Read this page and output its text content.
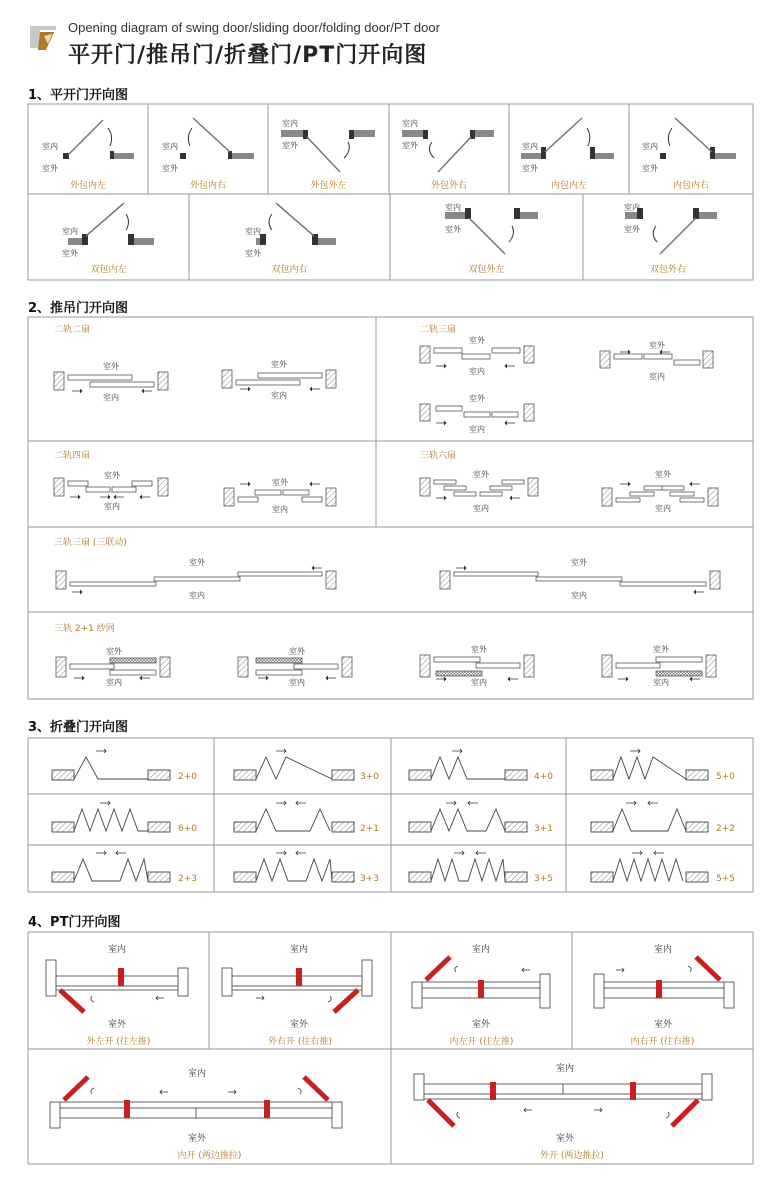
Opening diagram of swing door/sliding door/folding door/PT door
平开门/推吊门/折叠门/PT门开向图
1、平开门开向图
2、推吊门开向图
3、折叠门开向图
4、PT门开向图
室内
室外
室内
室外
室内
室外
室内
室外	室内
室外
室内
室外
室内
室外
室内
室外
室内
室外
室内
室外
外包内左	外包内右	外包外左	外包外右	内包内左	内包内右
双包内左	双包内右	双包外左	双包外右
二轨二扇	二轨三扇
二轨四扇	三轨六扇
三轨三扇 (三联动)
三轨 2+1 纱网
室外
室内
室外
室内
室外
室内
室外
室内
室外
室内
室外
室内
室外
室内
室外
室内
室外
室内
室外
室内
室外
室内
室外
室内
室外
室内
室外
室内
室外
室内
2+0	3+0	4+0	5+0
6+0	2+1	3+1	2+2
2+3	3+3	3+5	5+5
室内
室外
室内
室外
室内
室外
室内
室外
室内
室外
室内
室外
外左开 (往左推)	外右开 (往右推)	内左开 (往左推)	内右开 (往右推)
内开 (两边推拉)	外开 (两边推拉)
